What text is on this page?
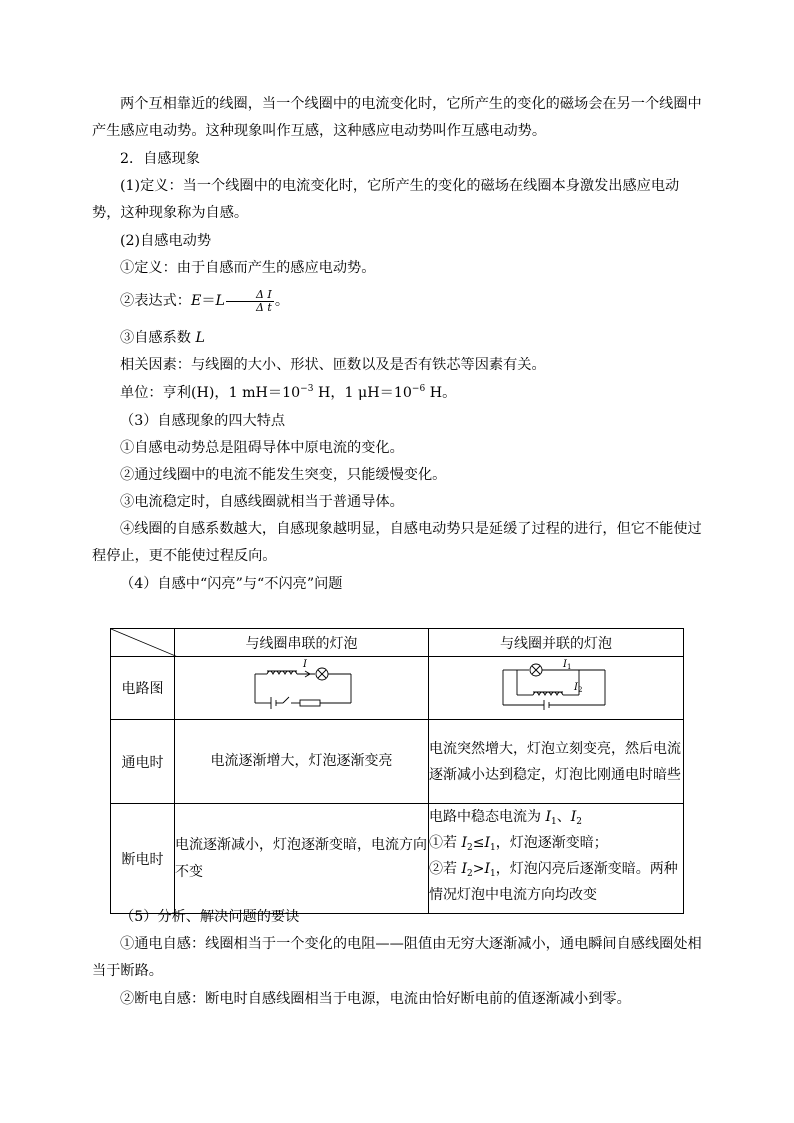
两个互相靠近的线圈，当一个线圈中的电流变化时，它所产生的变化的磁场会在另一个线圈中产生感应电动势。这种现象叫作互感，这种感应电动势叫作互感电动势。

2．自感现象

(1)定义：当一个线圈中的电流变化时，它所产生的变化的磁场在线圈本身激发出感应电动势，这种现象称为自感。

(2)自感电动势

①定义：由于自感而产生的感应电动势。

②表达式：$E=L \frac{\text{Δ I}}{\text{Δ t}}$ 。

③自感系数 L

相关因素：与线圈的大小、形状、匝数以及是否有铁芯等因素有关。

单位：亨利(H)，1 $mH=10^{-3}$ H，1 $\mu H=10^{-6}$ H。

（3）自感现象的四大特点

①自感电动势总是阻碍导体中原电流的变化。

②通过线圈中的电流不能发生突变，只能缓慢变化。

③电流稳定时，自感线圈就相当于普通导体。

④线圈的自感系数越大，自感现象越明显，自感电动势只是延缓了过程的进行，但它不能使过程停止，更不能使过程反向。

（4）自感中“闪亮”与“不闪亮”问题

	与线圈串联的灯泡	与线圈并联的灯泡
电路图	I	$I_1$
$I_2$

通电时	电流逐渐增大，灯泡逐渐变亮	电流突然增大，灯泡立刻变亮，然后电流逐渐减小达到稳定，灯泡比刚通电时暗些
断电时	电流逐渐减小，灯泡逐渐变暗，电流方向不变	电路中稳态电流为 $I_1$、$I_2$
①若 $I_2\le I_1$，灯泡逐渐变暗；
②若 $I_2>I_1$，灯泡闪亮后逐渐变暗。两种情况灯泡中电流方向均改变

（5）分析、解决问题的要诀

①通电自感：线圈相当于一个变化的电阻——阻值由无穷大逐渐减小，通电瞬间自感线圈处相当于断路。

②断电自感：断电时自感线圈相当于电源，电流由恰好断电前的值逐渐减小到零。
